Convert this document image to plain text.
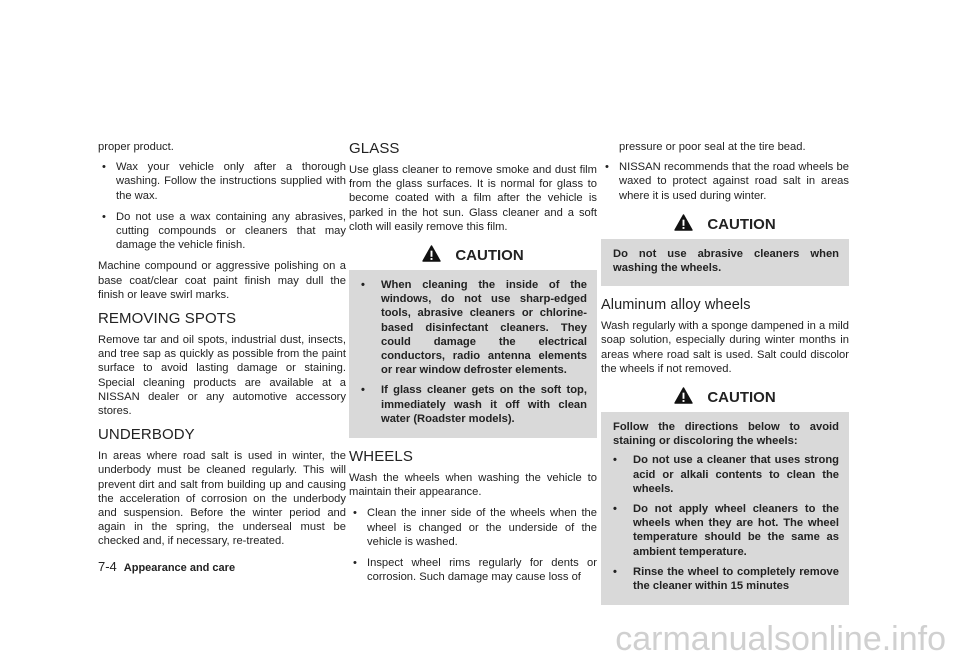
proper product.

• Wax your vehicle only after a thorough washing. Follow the instructions supplied with the wax.
• Do not use a wax containing any abrasives, cutting compounds or cleaners that may damage the vehicle finish.

Machine compound or aggressive polishing on a base coat/clear coat paint finish may dull the finish or leave swirl marks.

REMOVING SPOTS

Remove tar and oil spots, industrial dust, insects, and tree sap as quickly as possible from the paint surface to avoid lasting damage or staining. Special cleaning products are available at a NISSAN dealer or any automotive accessory stores.

UNDERBODY

In areas where road salt is used in winter, the underbody must be cleaned regularly. This will prevent dirt and salt from building up and causing the acceleration of corrosion on the underbody and suspension. Before the winter period and again in the spring, the underseal must be checked and, if necessary, re-treated.

GLASS

Use glass cleaner to remove smoke and dust film from the glass surfaces. It is normal for glass to become coated with a film after the vehicle is parked in the hot sun. Glass cleaner and a soft cloth will easily remove this film.

CAUTION
• When cleaning the inside of the windows, do not use sharp-edged tools, abrasive cleaners or chlorine-based disinfectant cleaners. They could damage the electrical conductors, radio antenna elements or rear window defroster elements.
• If glass cleaner gets on the soft top, immediately wash it off with clean water (Roadster models).
WHEELS

Wash the wheels when washing the vehicle to maintain their appearance.

• Clean the inner side of the wheels when the wheel is changed or the underside of the vehicle is washed.
• Inspect wheel rims regularly for dents or corrosion. Such damage may cause loss of
pressure or poor seal at the tire bead.
• NISSAN recommends that the road wheels be waxed to protect against road salt in areas where it is used during winter.
CAUTION

Do not use abrasive cleaners when washing the wheels.

Aluminum alloy wheels

Wash regularly with a sponge dampened in a mild soap solution, especially during winter months in areas where road salt is used. Salt could discolor the wheels if not removed.

CAUTION

Follow the directions below to avoid staining or discoloring the wheels:

• Do not use a cleaner that uses strong acid or alkali contents to clean the wheels.
• Do not apply wheel cleaners to the wheels when they are hot. The wheel temperature should be the same as ambient temperature.
• Rinse the wheel to completely remove the cleaner within 15 minutes
7-4 Appearance and care
carmanualsonline.info
